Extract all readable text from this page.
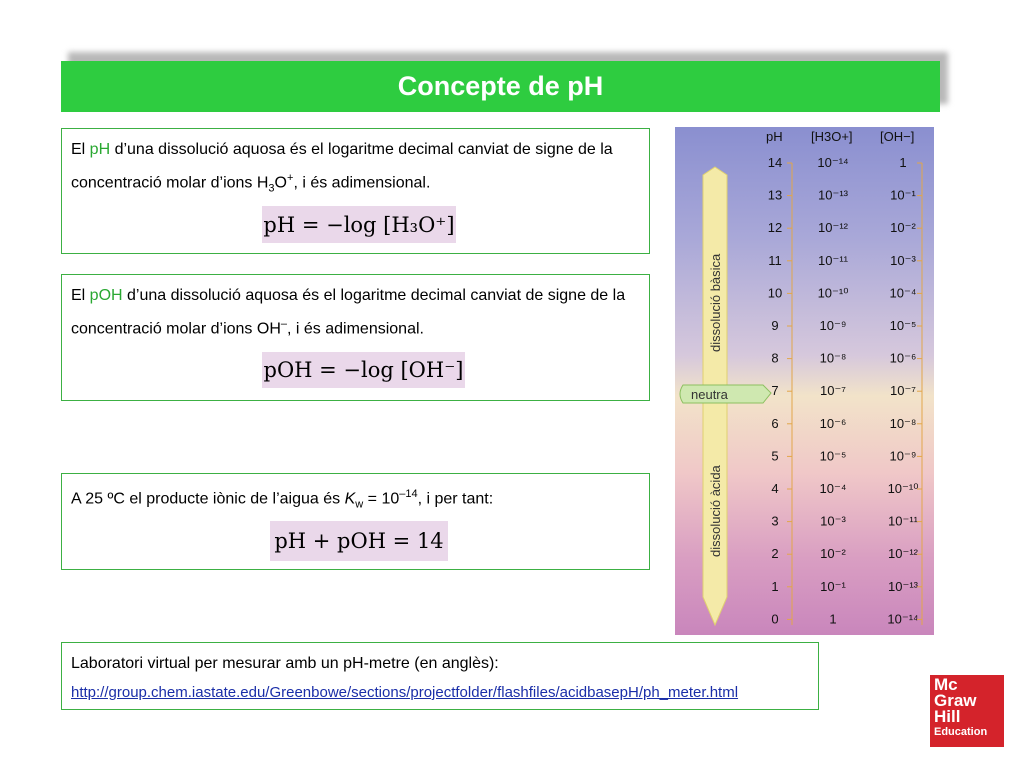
Concepte de pH
El pH d’una dissolució aquosa és el logaritme decimal canviat de signe de la concentració molar d’ions $H_3O^+$, i és adimensional.
pH = −log [H₃O⁺]
El pOH d’una dissolució aquosa és el logaritme decimal canviat de signe de la concentració molar d’ions OH–, i és adimensional.
pOH = −log [OH⁻]
A 25 ºC el producte iònic de l’aigua és $K_w = 10^{-14}$, i per tant:
pH + pOH = 14
Laboratori virtual per mesurar amb un pH-metre (en anglès):
http://group.chem.iastate.edu/Greenbowe/sections/projectfolder/flashfiles/acidbasepH/ph_meter.html
neutra
dissolució bàsica
dissolució àcida
pH [H3O+] [OH−]
14	10⁻¹⁴	1
13	10⁻¹³	10⁻¹
12	10⁻¹²	10⁻²
11	10⁻¹¹	10⁻³
10	10⁻¹⁰	10⁻⁴
9	10⁻⁹	10⁻⁵
8	10⁻⁸	10⁻⁶
7	10⁻⁷	10⁻⁷
6	10⁻⁶	10⁻⁸
5	10⁻⁵	10⁻⁹
4	10⁻⁴	10⁻¹⁰
3	10⁻³	10⁻¹¹
2	10⁻²	10⁻¹²
1	10⁻¹	10⁻¹³
0	1	10⁻¹⁴
Mc
Graw
Hill
Education
